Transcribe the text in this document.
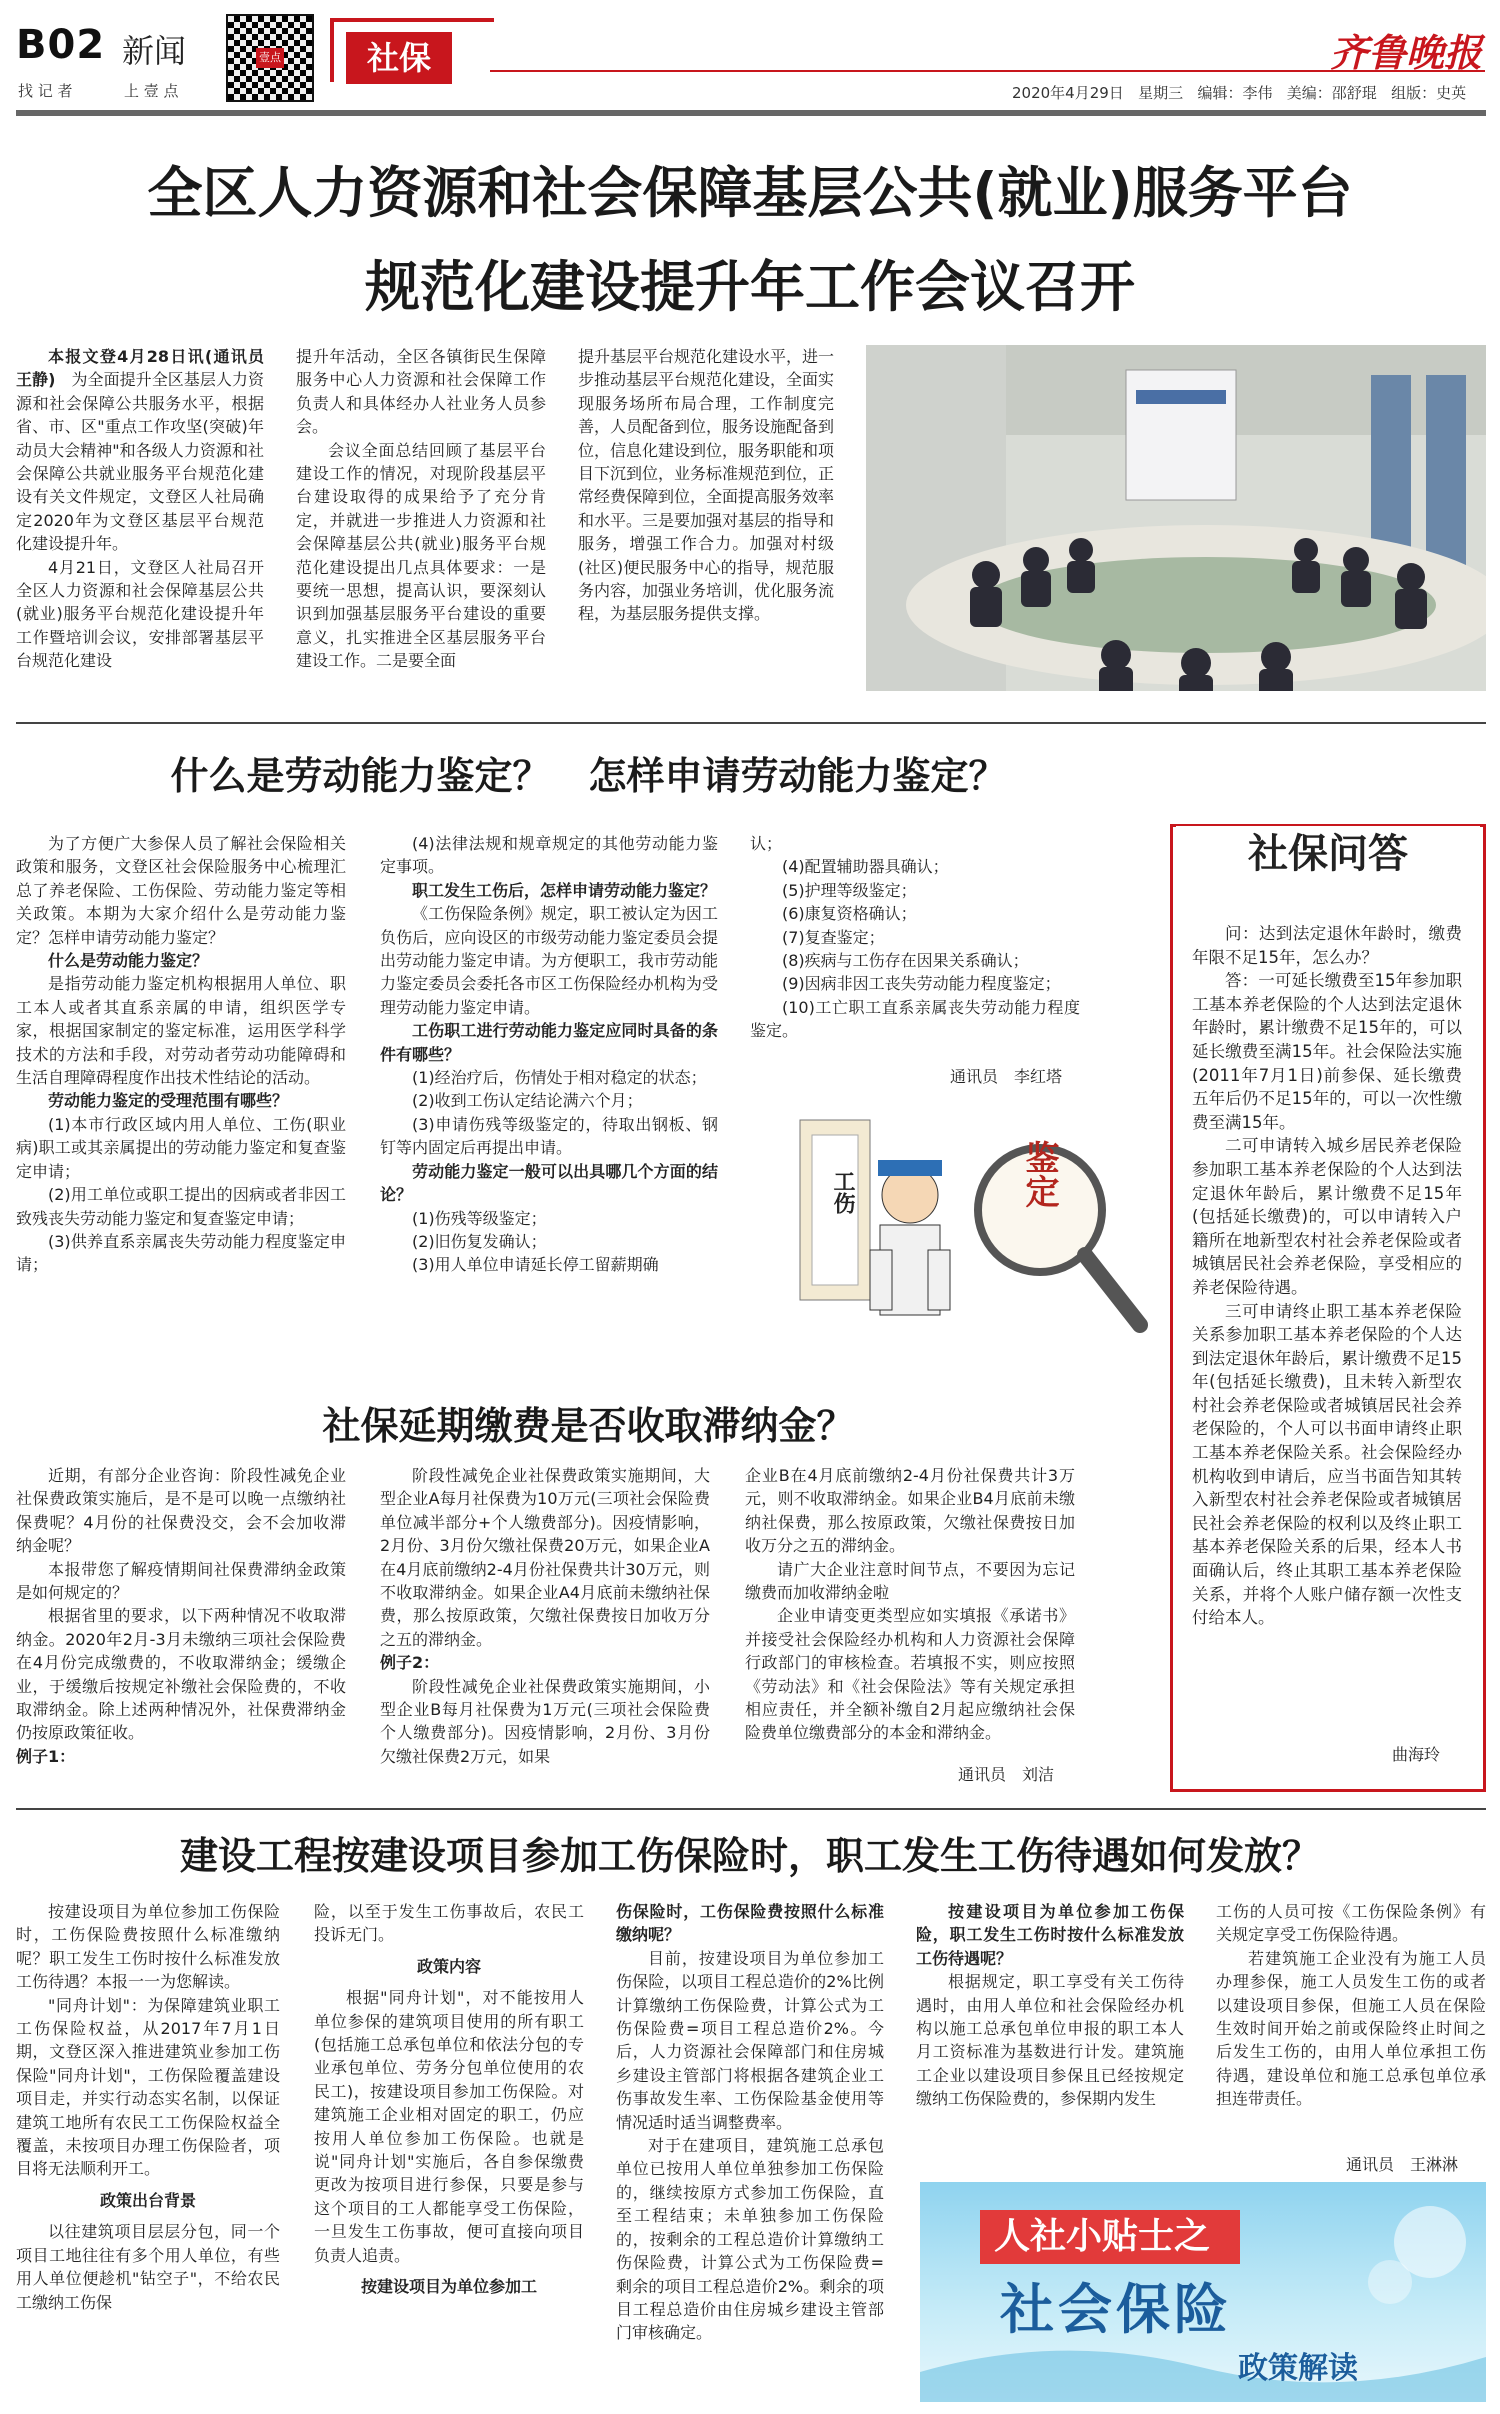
B02 新闻
找 记 者	上 壹 点
壹点	社保	齐鲁晚报
2020年4月29日 星期三 编辑：李伟 美编：邵舒琨 组版：史英
全区人力资源和社会保障基层公共(就业)服务平台
规范化建设提升年工作会议召开

本报文登4月28日讯(通讯员 王静)　为全面提升全区基层人力资源和社会保障公共服务水平，根据省、市、区"重点工作攻坚(突破)年动员大会精神"和各级人力资源和社会保障公共就业服务平台规范化建设有关文件规定，文登区人社局确定2020年为文登区基层平台规范化建设提升年。

4月21日，文登区人社局召开全区人力资源和社会保障基层公共(就业)服务平台规范化建设提升年工作暨培训会议，安排部署基层平台规范化建设

提升年活动，全区各镇街民生保障服务中心人力资源和社会保障工作负责人和具体经办人社业务人员参会。

会议全面总结回顾了基层平台建设工作的情况，对现阶段基层平台建设取得的成果给予了充分肯定，并就进一步推进人力资源和社会保障基层公共(就业)服务平台规范化建设提出几点具体要求：一是要统一思想，提高认识，要深刻认识到加强基层服务平台建设的重要意义，扎实推进全区基层服务平台建设工作。二是要全面

提升基层平台规范化建设水平，进一步推动基层平台规范化建设，全面实现服务场所布局合理，工作制度完善，人员配备到位，服务设施配备到位，信息化建设到位，服务职能和项目下沉到位，业务标准规范到位，正常经费保障到位，全面提高服务效率和水平。三是要加强对基层的指导和服务，增强工作合力。加强对村级(社区)便民服务中心的指导，规范服务内容，加强业务培训，优化服务流程，为基层服务提供支撑。

什么是劳动能力鉴定？　怎样申请劳动能力鉴定？

为了方便广大参保人员了解社会保险相关政策和服务，文登区社会保险服务中心梳理汇总了养老保险、工伤保险、劳动能力鉴定等相关政策。本期为大家介绍什么是劳动能力鉴定？怎样申请劳动能力鉴定？

什么是劳动能力鉴定？

是指劳动能力鉴定机构根据用人单位、职工本人或者其直系亲属的申请，组织医学专家，根据国家制定的鉴定标准，运用医学科学技术的方法和手段，对劳动者劳动功能障碍和生活自理障碍程度作出技术性结论的活动。

劳动能力鉴定的受理范围有哪些？

(1)本市行政区域内用人单位、工伤(职业病)职工或其亲属提出的劳动能力鉴定和复查鉴定申请；

(2)用工单位或职工提出的因病或者非因工致残丧失劳动能力鉴定和复查鉴定申请；

(3)供养直系亲属丧失劳动能力程度鉴定申请；

(4)法律法规和规章规定的其他劳动能力鉴定事项。

职工发生工伤后，怎样申请劳动能力鉴定？

《工伤保险条例》规定，职工被认定为因工负伤后，应向设区的市级劳动能力鉴定委员会提出劳动能力鉴定申请。为方便职工，我市劳动能力鉴定委员会委托各市区工伤保险经办机构为受理劳动能力鉴定申请。

工伤职工进行劳动能力鉴定应同时具备的条件有哪些？

(1)经治疗后，伤情处于相对稳定的状态；

(2)收到工伤认定结论满六个月；

(3)申请伤残等级鉴定的，待取出钢板、钢钉等内固定后再提出申请。

劳动能力鉴定一般可以出具哪几个方面的结论？

(1)伤残等级鉴定；

(2)旧伤复发确认；

(3)用人单位申请延长停工留薪期确

认；

(4)配置辅助器具确认；

(5)护理等级鉴定；

(6)康复资格确认；

(7)复查鉴定；

(8)疾病与工伤存在因果关系确认；

(9)因病非因工丧失劳动能力程度鉴定；

(10)工亡职工直系亲属丧失劳动能力程度鉴定。

通讯员　李红塔
工伤	鉴定
社保问答

问：达到法定退休年龄时，缴费年限不足15年，怎么办？

答：一可延长缴费至15年参加职工基本养老保险的个人达到法定退休年龄时，累计缴费不足15年的，可以延长缴费至满15年。社会保险法实施(2011年7月1日)前参保、延长缴费五年后仍不足15年的，可以一次性缴费至满15年。

二可申请转入城乡居民养老保险参加职工基本养老保险的个人达到法定退休年龄后，累计缴费不足15年(包括延长缴费)的，可以申请转入户籍所在地新型农村社会养老保险或者城镇居民社会养老保险，享受相应的养老保险待遇。

三可申请终止职工基本养老保险关系参加职工基本养老保险的个人达到法定退休年龄后，累计缴费不足15年(包括延长缴费)，且未转入新型农村社会养老保险或者城镇居民社会养老保险的，个人可以书面申请终止职工基本养老保险关系。社会保险经办机构收到申请后，应当书面告知其转入新型农村社会养老保险或者城镇居民社会养老保险的权利以及终止职工基本养老保险关系的后果，经本人书面确认后，终止其职工基本养老保险关系，并将个人账户储存额一次性支付给本人。

曲海玲
社保延期缴费是否收取滞纳金？

近期，有部分企业咨询：阶段性减免企业社保费政策实施后，是不是可以晚一点缴纳社保费呢？4月份的社保费没交，会不会加收滞纳金呢？

本报带您了解疫情期间社保费滞纳金政策是如何规定的？

根据省里的要求，以下两种情况不收取滞纳金。2020年2月-3月未缴纳三项社会保险费在4月份完成缴费的，不收取滞纳金；缓缴企业，于缓缴后按规定补缴社会保险费的，不收取滞纳金。除上述两种情况外，社保费滞纳金仍按原政策征收。

例子1：

阶段性减免企业社保费政策实施期间，大型企业A每月社保费为10万元(三项社会保险费单位减半部分+个人缴费部分)。因疫情影响，2月份、3月份欠缴社保费20万元，如果企业A在4月底前缴纳2-4月份社保费共计30万元，则不收取滞纳金。如果企业A4月底前未缴纳社保费，那么按原政策，欠缴社保费按日加收万分之五的滞纳金。

例子2：

阶段性减免企业社保费政策实施期间，小型企业B每月社保费为1万元(三项社会保险费个人缴费部分)。因疫情影响，2月份、3月份欠缴社保费2万元，如果

企业B在4月底前缴纳2-4月份社保费共计3万元，则不收取滞纳金。如果企业B4月底前未缴纳社保费，那么按原政策，欠缴社保费按日加收万分之五的滞纳金。

请广大企业注意时间节点，不要因为忘记缴费而加收滞纳金啦

企业申请变更类型应如实填报《承诺书》并接受社会保险经办机构和人力资源社会保障行政部门的审核检查。若填报不实，则应按照《劳动法》和《社会保险法》等有关规定承担相应责任，并全额补缴自2月起应缴纳社会保险费单位缴费部分的本金和滞纳金。

通讯员　刘洁
建设工程按建设项目参加工伤保险时，职工发生工伤待遇如何发放？

按建设项目为单位参加工伤保险时，工伤保险费按照什么标准缴纳呢？职工发生工伤时按什么标准发放工伤待遇？本报一一为您解读。

"同舟计划"：为保障建筑业职工工伤保险权益，从2017年7月1日期，文登区深入推进建筑业参加工伤保险"同舟计划"，工伤保险覆盖建设项目走，并实行动态实名制，以保证建筑工地所有农民工工伤保险权益全覆盖，未按项目办理工伤保险者，项目将无法顺利开工。

政策出台背景

以往建筑项目层层分包，同一个项目工地往往有多个用人单位，有些用人单位便趁机"钻空子"，不给农民工缴纳工伤保

险，以至于发生工伤事故后，农民工投诉无门。

政策内容

根据"同舟计划"，对不能按用人单位参保的建筑项目使用的所有职工(包括施工总承包单位和依法分包的专业承包单位、劳务分包单位使用的农民工)，按建设项目参加工伤保险。对建筑施工企业相对固定的职工，仍应按用人单位参加工伤保险。也就是说"同舟计划"实施后，各自参保缴费更改为按项目进行参保，只要是参与这个项目的工人都能享受工伤保险，一旦发生工伤事故，便可直接向项目负责人追责。

按建设项目为单位参加工

伤保险时，工伤保险费按照什么标准缴纳呢？

目前，按建设项目为单位参加工伤保险，以项目工程总造价的2%比例计算缴纳工伤保险费，计算公式为工伤保险费=项目工程总造价2%。今后，人力资源社会保障部门和住房城乡建设主管部门将根据各建筑企业工伤事故发生率、工伤保险基金使用等情况适时适当调整费率。

对于在建项目，建筑施工总承包单位已按用人单位单独参加工伤保险的，继续按原方式参加工伤保险，直至工程结束；未单独参加工伤保险的，按剩余的工程总造价计算缴纳工伤保险费，计算公式为工伤保险费=剩余的项目工程总造价2%。剩余的项目工程总造价由住房城乡建设主管部门审核确定。

按建设项目为单位参加工伤保险，职工发生工伤时按什么标准发放工伤待遇呢？

根据规定，职工享受有关工伤待遇时，由用人单位和社会保险经办机构以施工总承包单位申报的职工本人月工资标准为基数进行计发。建筑施工企业以建设项目参保且已经按规定缴纳工伤保险费的，参保期内发生

工伤的人员可按《工伤保险条例》有关规定享受工伤保险待遇。

若建筑施工企业没有为施工人员办理参保，施工人员发生工伤的或者以建设项目参保，但施工人员在保险生效时间开始之前或保险终止时间之后发生工伤的，由用人单位承担工伤待遇，建设单位和施工总承包单位承担连带责任。

通讯员　王淋淋
人社小贴士之
社会保险
政策解读
